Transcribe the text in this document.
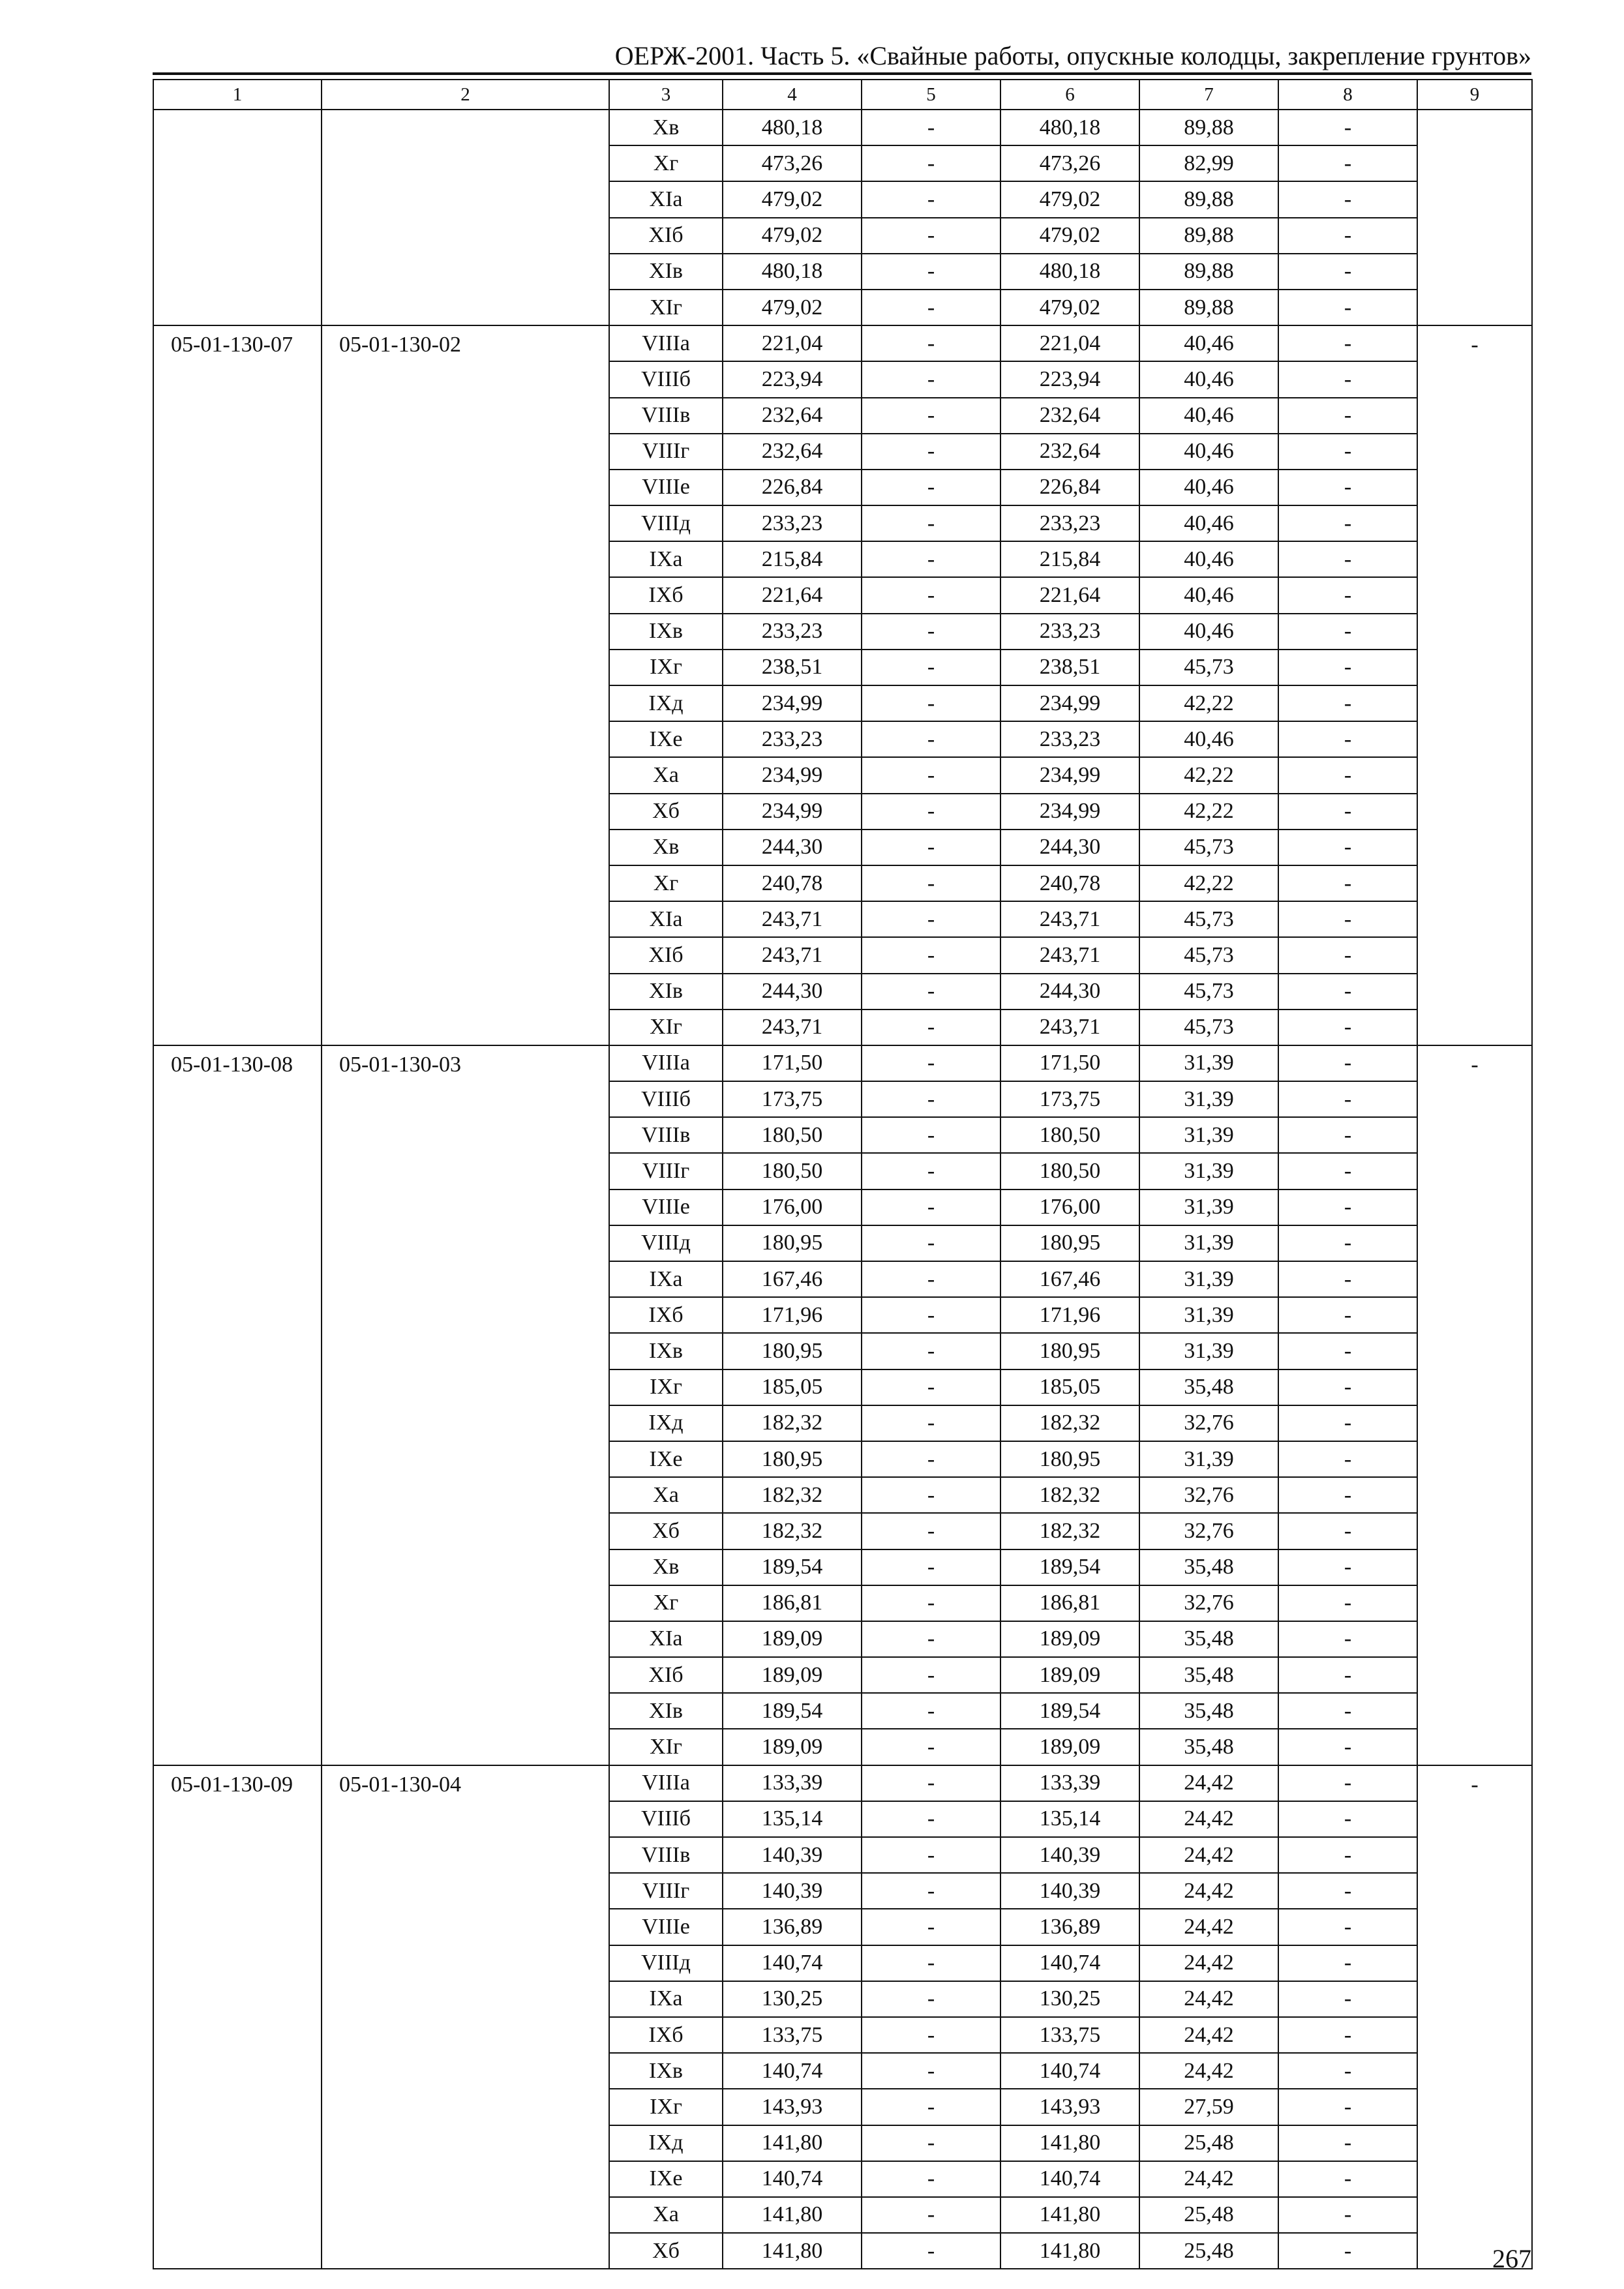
ОЕРЖ-2001. Часть 5. «Свайные работы, опускные колодцы, закрепление грунтов»
1	2	3	4	5	6	7	8	9
		Хв	480,18	-	480,18	89,88	-	
		Хг	473,26	-	473,26	82,99	-	
		ХIа	479,02	-	479,02	89,88	-	
		ХIб	479,02	-	479,02	89,88	-	
		ХIв	480,18	-	480,18	89,88	-	
		ХIг	479,02	-	479,02	89,88	-	
05-01-130-07	05-01-130-02	VIIIа	221,04	-	221,04	40,46	-	-
		VIIIб	223,94	-	223,94	40,46	-	
		VIIIв	232,64	-	232,64	40,46	-	
		VIIIг	232,64	-	232,64	40,46	-	
		VIIIе	226,84	-	226,84	40,46	-	
		VIIIд	233,23	-	233,23	40,46	-	
		IХа	215,84	-	215,84	40,46	-	
		IХб	221,64	-	221,64	40,46	-	
		IХв	233,23	-	233,23	40,46	-	
		IХг	238,51	-	238,51	45,73	-	
		IХд	234,99	-	234,99	42,22	-	
		IХе	233,23	-	233,23	40,46	-	
		Ха	234,99	-	234,99	42,22	-	
		Хб	234,99	-	234,99	42,22	-	
		Хв	244,30	-	244,30	45,73	-	
		Хг	240,78	-	240,78	42,22	-	
		ХIа	243,71	-	243,71	45,73	-	
		ХIб	243,71	-	243,71	45,73	-	
		ХIв	244,30	-	244,30	45,73	-	
		ХIг	243,71	-	243,71	45,73	-	
05-01-130-08	05-01-130-03	VIIIа	171,50	-	171,50	31,39	-	-
		VIIIб	173,75	-	173,75	31,39	-	
		VIIIв	180,50	-	180,50	31,39	-	
		VIIIг	180,50	-	180,50	31,39	-	
		VIIIе	176,00	-	176,00	31,39	-	
		VIIIд	180,95	-	180,95	31,39	-	
		IХа	167,46	-	167,46	31,39	-	
		IХб	171,96	-	171,96	31,39	-	
		IХв	180,95	-	180,95	31,39	-	
		IХг	185,05	-	185,05	35,48	-	
		IХд	182,32	-	182,32	32,76	-	
		IХе	180,95	-	180,95	31,39	-	
		Ха	182,32	-	182,32	32,76	-	
		Хб	182,32	-	182,32	32,76	-	
		Хв	189,54	-	189,54	35,48	-	
		Хг	186,81	-	186,81	32,76	-	
		ХIа	189,09	-	189,09	35,48	-	
		ХIб	189,09	-	189,09	35,48	-	
		ХIв	189,54	-	189,54	35,48	-	
		ХIг	189,09	-	189,09	35,48	-	
05-01-130-09	05-01-130-04	VIIIа	133,39	-	133,39	24,42	-	-
		VIIIб	135,14	-	135,14	24,42	-	
		VIIIв	140,39	-	140,39	24,42	-	
		VIIIг	140,39	-	140,39	24,42	-	
		VIIIе	136,89	-	136,89	24,42	-	
		VIIIд	140,74	-	140,74	24,42	-	
		IХа	130,25	-	130,25	24,42	-	
		IХб	133,75	-	133,75	24,42	-	
		IХв	140,74	-	140,74	24,42	-	
		IХг	143,93	-	143,93	27,59	-	
		IХд	141,80	-	141,80	25,48	-	
		IХе	140,74	-	140,74	24,42	-	
		Ха	141,80	-	141,80	25,48	-	
		Хб	141,80	-	141,80	25,48	-		267
